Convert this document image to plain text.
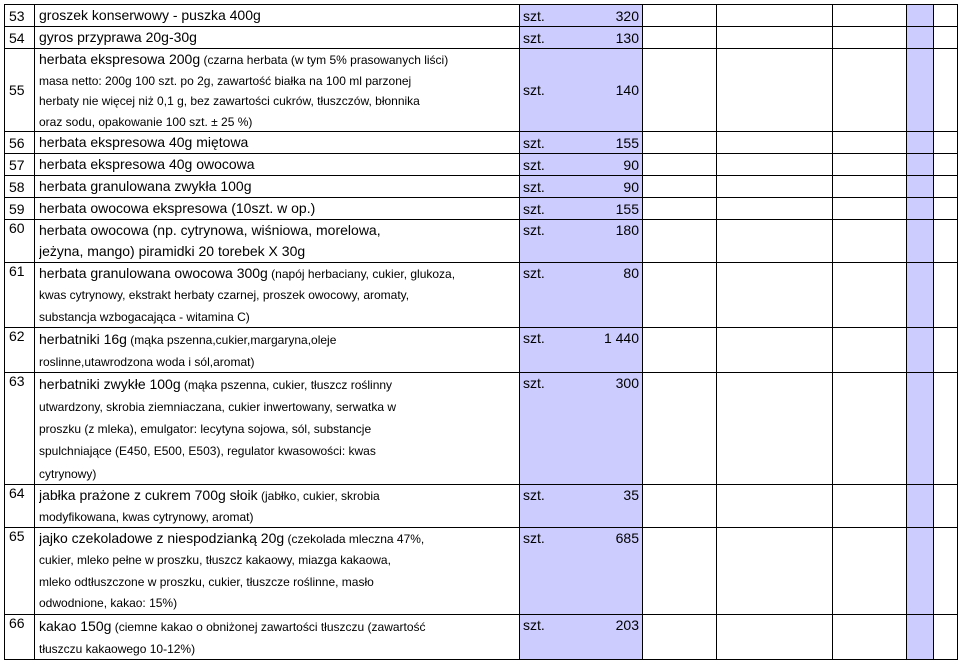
53	groszek konserwowy - puszka 400g	szt.	320					
54	gyros przyprawa 20g-30g	szt.	130					
55	herbata ekspresowa 200g (czarna herbata (w tym 5% prasowanych liści)
masa netto: 200g 100 szt. po 2g, zawartość białka na 100 ml parzonej
herbaty nie więcej niż 0,1 g, bez zawartości cukrów, tłuszczów, błonnika
oraz sodu, opakowanie 100 szt. ± 25 %)	szt.	140					
56	herbata ekspresowa 40g miętowa	szt.	155					
57	herbata ekspresowa 40g owocowa	szt.	90					
58	herbata granulowana zwykła 100g	szt.	90					
59	herbata owocowa ekspresowa (10szt. w op.)	szt.	155					
60	herbata owocowa (np. cytrynowa, wiśniowa, morelowa,
jeżyna, mango) piramidki 20 torebek X 30g	szt.	180					
61	herbata granulowana owocowa 300g (napój herbaciany, cukier, glukoza,
kwas cytrynowy, ekstrakt herbaty czarnej, proszek owocowy, aromaty,
substancja wzbogacająca - witamina C)	szt.	80					
62	herbatniki 16g (mąka pszenna,cukier,margaryna,oleje
roslinne,utawrodzona woda i sól,aromat)	szt.	1 440					
63	herbatniki zwykłe 100g (mąka pszenna, cukier, tłuszcz roślinny
utwardzony, skrobia ziemniaczana, cukier inwertowany, serwatka w
proszku (z mleka), emulgator: lecytyna sojowa, sól, substancje
spulchniające (E450, E500, E503), regulator kwasowości: kwas
cytrynowy)	szt.	300					
64	jabłka prażone z cukrem 700g słoik (jabłko, cukier, skrobia
modyfikowana, kwas cytrynowy, aromat)	szt.	35					
65	jajko czekoladowe z niespodzianką 20g (czekolada mleczna 47%,
cukier, mleko pełne w proszku, tłuszcz kakaowy, miazga kakaowa,
mleko odtłuszczone w proszku, cukier, tłuszcze roślinne, masło
odwodnione, kakao: 15%)	szt.	685					
66	kakao 150g (ciemne kakao o obniżonej zawartości tłuszczu (zawartość
tłuszczu kakaowego 10-12%)	szt.	203					
